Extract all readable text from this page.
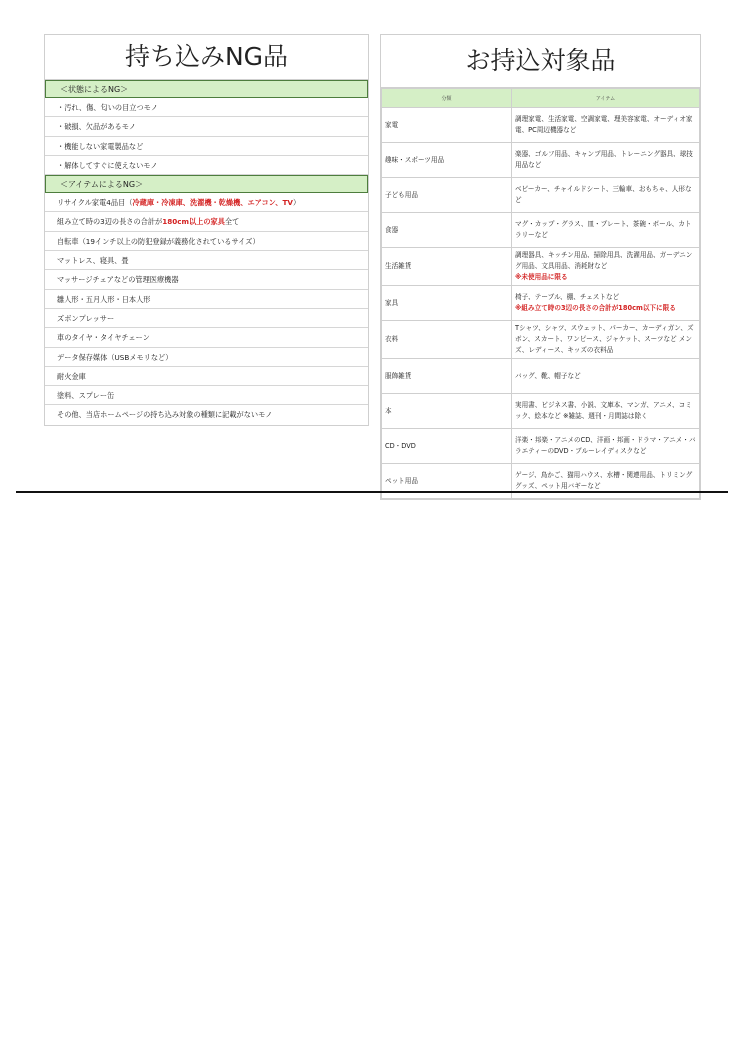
持ち込みNG品
＜状態によるNG＞
・汚れ、傷、匂いの目立つモノ
・破損、欠品があるモノ
・機能しない家電製品など
・解体してすぐに使えないモノ
＜アイテムによるNG＞
リサイクル家電4品目（冷蔵庫・冷凍庫、洗濯機・乾燥機、エアコン、TV）
組み立て時の3辺の長さの合計が180cm以上の家具全て
自転車（19インチ以上の防犯登録が義務化されているサイズ）
マットレス、寝具、畳
マッサージチェアなどの管理医療機器
雛人形・五月人形・日本人形
ズボンプレッサー
車のタイヤ・タイヤチェーン
データ保存媒体（USBメモリなど）
耐火金庫
塗料、スプレー缶
その他、当店ホームページの持ち込み対象の種類に記載がないモノ
お持込対象品
分類	アイテム
家電	調理家電、生活家電、空調家電、理美容家電、オーディオ家電、PC周辺機器など
趣味・スポーツ用品	楽器、ゴルフ用品、キャンプ用品、トレーニング器具、球技用品など
子ども用品	ベビーカー、チャイルドシート、三輪車、おもちゃ、人形など
食器	マグ・カップ・グラス、皿・プレート、茶碗・ボール、カトラリーなど
生活雑貨	調理器具、キッチン用品、掃除用具、洗濯用品、ガーデニング用品、文具用品、消耗財など
※未使用品に限る

家具	椅子、テーブル、棚、チェストなど
※組み立て時の3辺の長さの合計が180cm以下に限る

衣料	Tシャツ、シャツ、スウェット、パーカー、カーディガン、ズボン、スカート、ワンピース、ジャケット、スーツなど メンズ、レディース、キッズの衣料品
服飾雑貨	バッグ、靴、帽子など
本	実用書、ビジネス書、小説、文庫本、マンガ、アニメ、コミック、絵本など ※雑誌、週刊・月間誌は除く
CD・DVD	洋楽・邦楽・アニメのCD、洋画・邦画・ドラマ・アニメ・バラエティーのDVD・ブルーレイディスクなど
ペット用品	ゲージ、鳥かご、猫用ハウス、水槽・関連用品、トリミンググッズ、ペット用バギーなど
